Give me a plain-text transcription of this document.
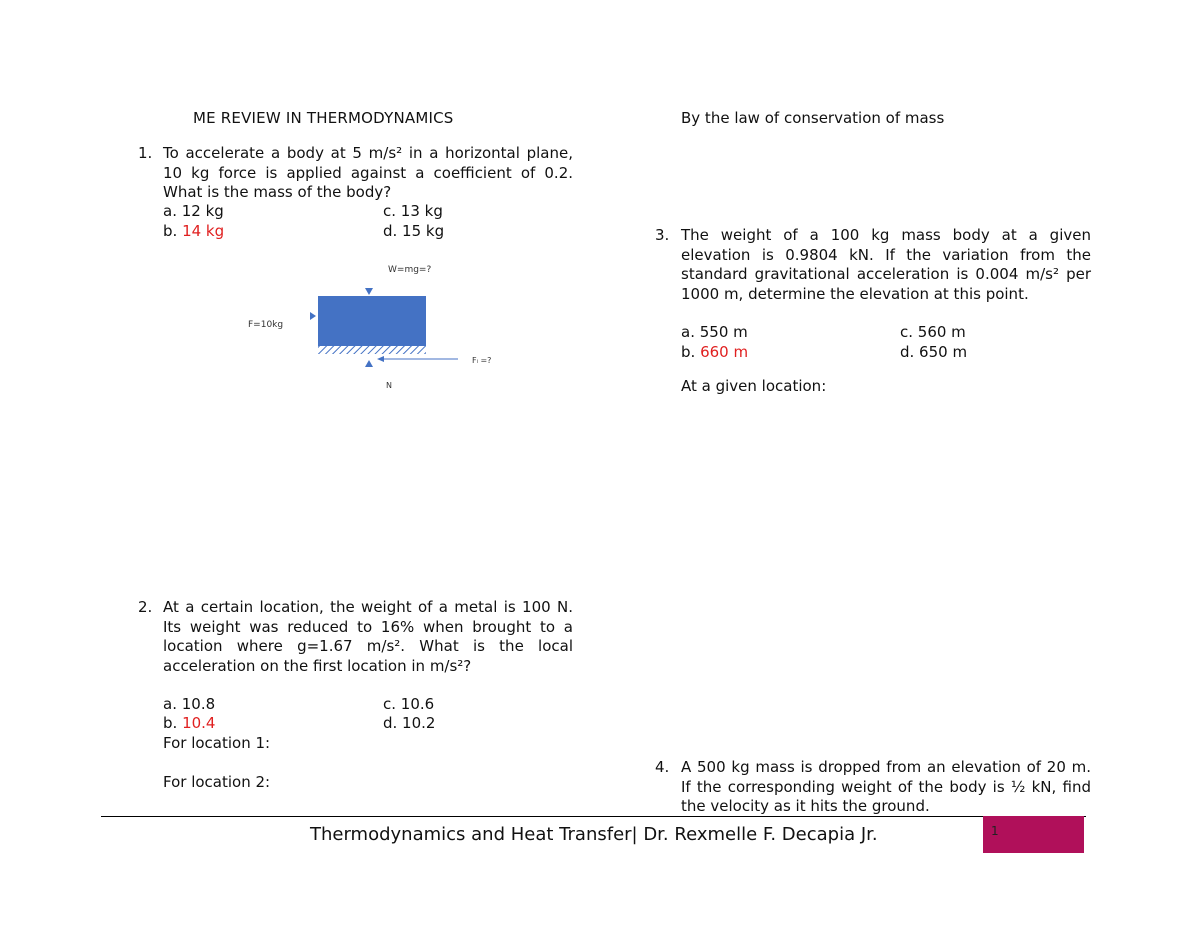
ME REVIEW IN THERMODYNAMICS	By the law of conservation of mass
1. To accelerate a body at 5 m/s² in a horizontal plane, 10 kg force is applied against a coefficient of 0.2. What is the mass of the body?
a. 12 kg
b. 14 kg
c. 13 kg
d. 15 kg
W=mg=?
F=10kg
Fₗ =?
N
2. At a certain location, the weight of a metal is 100 N. Its weight was reduced to 16% when brought to a location where g=1.67 m/s². What is the local acceleration on the first location in m/s²?
a. 10.8
b. 10.4
c. 10.6
d. 10.2
For location 1:
For location 2:
3. The weight of a 100 kg mass body at a given elevation is 0.9804 kN. If the variation from the standard gravitational acceleration is 0.004 m/s² per 1000 m, determine the elevation at this point.
a. 550 m
b. 660 m
c. 560 m
d. 650 m
At a given location:
4. A 500 kg mass is dropped from an elevation of 20 m. If the corresponding weight of the body is ½ kN, find the velocity as it hits the ground.
Thermodynamics and Heat Transfer| Dr. Rexmelle F. Decapia Jr.	1
